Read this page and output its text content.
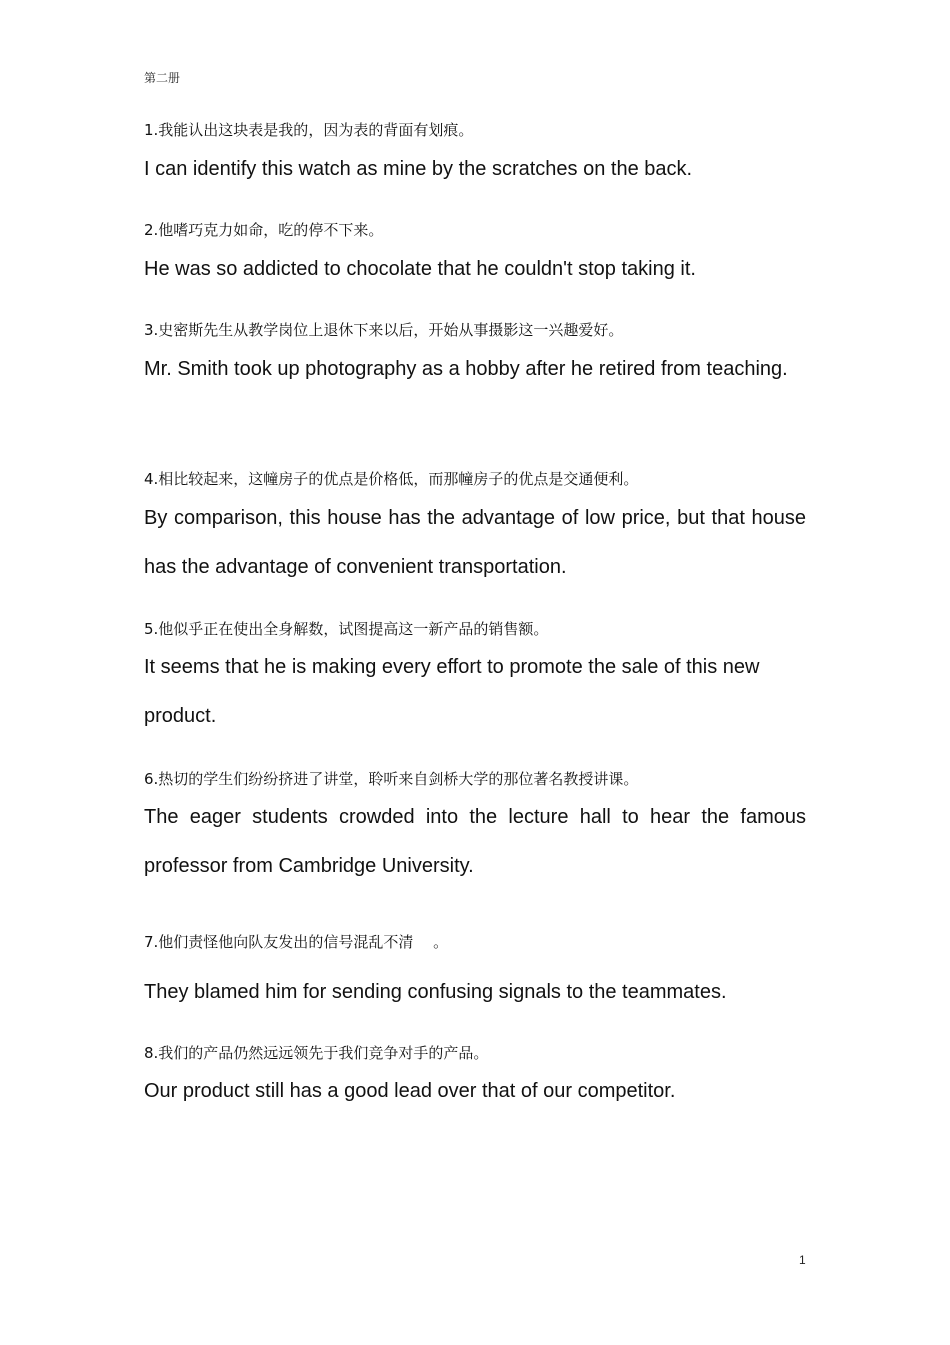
第二册
1.我能认出这块表是我的，因为表的背面有划痕。
I can identify this watch as mine by the scratches on the back.
2.他嗜巧克力如命，吃的停不下来。
He was so addicted to chocolate that he couldn't stop taking it.
3.史密斯先生从教学岗位上退休下来以后，开始从事摄影这一兴趣爱好。
Mr. Smith took up photography as a hobby after he retired from teaching.
4.相比较起来，这幢房子的优点是价格低，而那幢房子的优点是交通便利。
By comparison, this house has the advantage of low price, but that house has the advantage of convenient transportation.
5.他似乎正在使出全身解数，试图提高这一新产品的销售额。
It seems that he is making every effort to promote the sale of this new product.
6.热切的学生们纷纷挤进了讲堂，聆听来自剑桥大学的那位著名教授讲课。
The eager students crowded into the lecture hall to hear the famous professor from Cambridge University.
7.他们责怪他向队友发出的信号混乱不清　 。
They blamed him for sending confusing signals to the teammates.
8.我们的产品仍然远远领先于我们竞争对手的产品。
Our product still has a good lead over that of our competitor.
1
